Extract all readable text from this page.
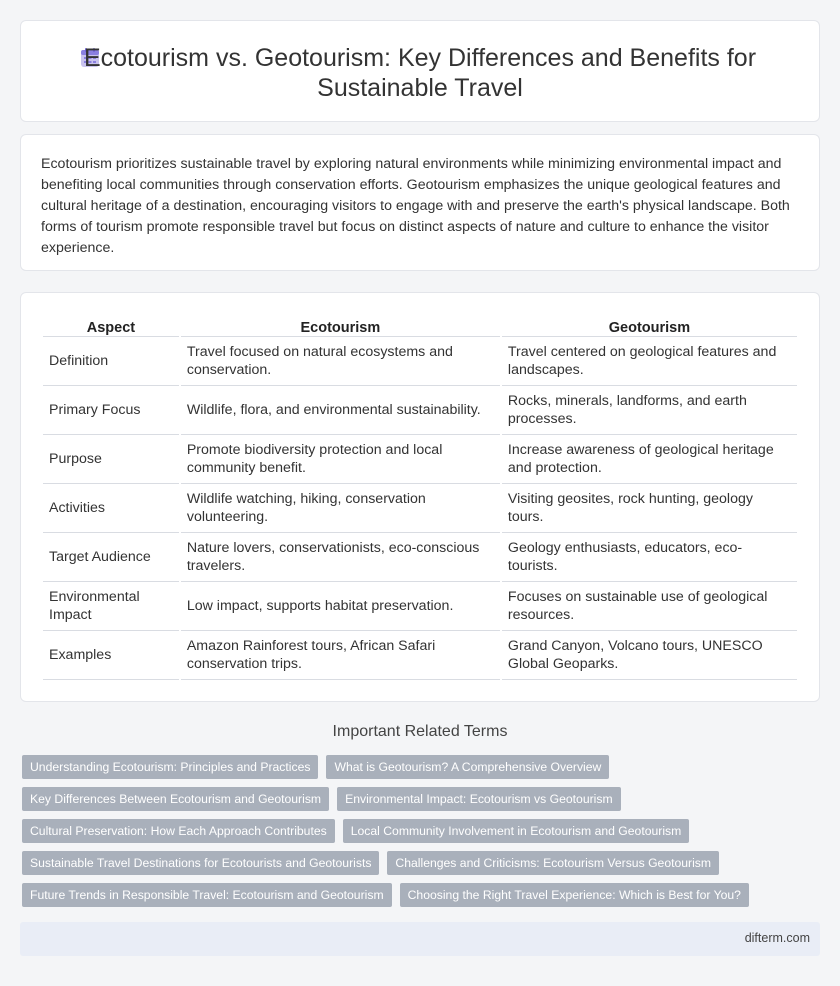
Ecotourism vs. Geotourism: Key Differences and Benefits for Sustainable Travel

Ecotourism prioritizes sustainable travel by exploring natural environments while minimizing environmental impact and benefiting local communities through conservation efforts. Geotourism emphasizes the unique geological features and cultural heritage of a destination, encouraging visitors to engage with and preserve the earth's physical landscape. Both forms of tourism promote responsible travel but focus on distinct aspects of nature and culture to enhance the visitor experience.

Aspect	Ecotourism	Geotourism
Definition	Travel focused on natural ecosystems and conservation.	Travel centered on geological features and landscapes.
Primary Focus	Wildlife, flora, and environmental sustainability.	Rocks, minerals, landforms, and earth processes.
Purpose	Promote biodiversity protection and local community benefit.	Increase awareness of geological heritage and protection.
Activities	Wildlife watching, hiking, conservation volunteering.	Visiting geosites, rock hunting, geology tours.
Target Audience	Nature lovers, conservationists, eco-conscious travelers.	Geology enthusiasts, educators, eco-tourists.
Environmental Impact	Low impact, supports habitat preservation.	Focuses on sustainable use of geological resources.
Examples	Amazon Rainforest tours, African Safari conservation trips.	Grand Canyon, Volcano tours, UNESCO Global Geoparks.
Important Related Terms
Understanding Ecotourism: Principles and Practices	What is Geotourism? A Comprehensive Overview
Key Differences Between Ecotourism and Geotourism	Environmental Impact: Ecotourism vs Geotourism
Cultural Preservation: How Each Approach Contributes	Local Community Involvement in Ecotourism and Geotourism
Sustainable Travel Destinations for Ecotourists and Geotourists	Challenges and Criticisms: Ecotourism Versus Geotourism
Future Trends in Responsible Travel: Ecotourism and Geotourism	Choosing the Right Travel Experience: Which is Best for You?
difterm.com
